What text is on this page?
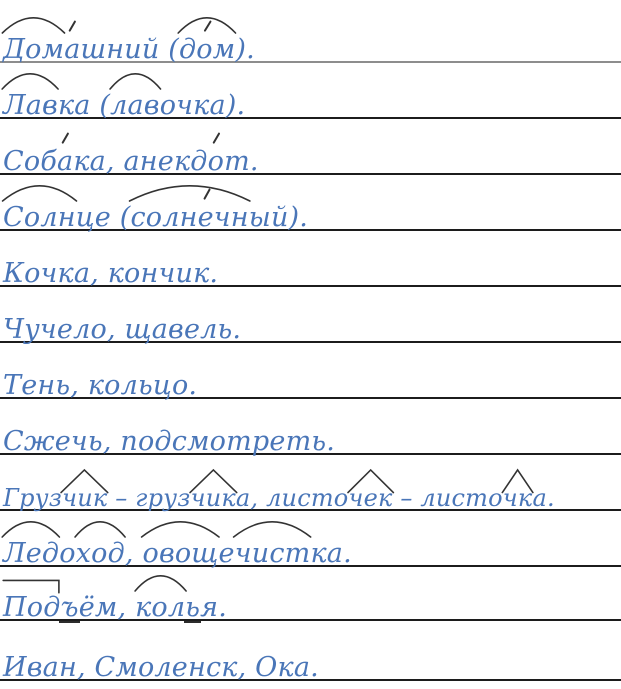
Дом
а
шний (дом
).
Лав
ка (лав
очка).
Соба
ка, анекдо
т.
Солн
це (солнечн
ый).
Кочка, кончик.
Чучело, щавель.
Тень, кольцо.
Сжечь, подсмотреть.
Грузчик
– грузчик
а, листочек
– листочк
а.
Лед
оход
, овощ
ечист
ка.
Под
ъ
ём, кол
ь
я.
Иван, Смоленск, Ока.
